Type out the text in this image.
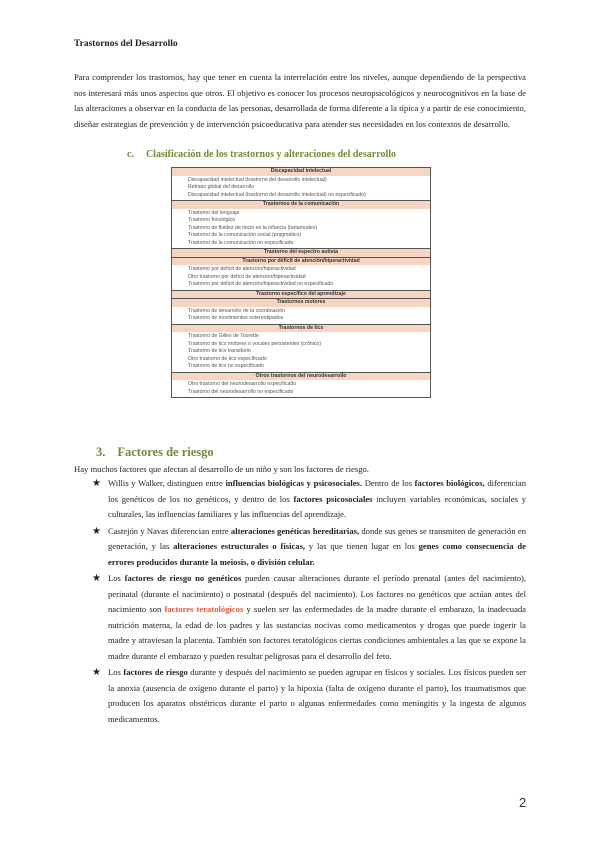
Trastornos del Desarrollo

Para comprender los trastornos, hay que tener en cuenta la interrelación entre los niveles, aunque dependiendo de la perspectiva nos interesará más unos aspectos que otros. El objetivo es conocer los procesos neuropsicológicos y neurocognitivos en la base de las alteraciones a observar en la conducta de las personas, desarrollada de forma diferente a la típica y a partir de ese conocimiento, diseñar estrategias de prevención y de intervención psicoeducativa para atender sus necesidades en los contextos de desarrollo.

c. Clasificación de los trastornos y alteraciones del desarrollo
Discapacidad intelectual
• Discapacidad intelectual (trastorno del desarrollo intelectual)
• Retraso global del desarrollo
• Discapacidad intelectual (trastorno del desarrollo intelectual) no especificado)
Trastornos de la comunicación
• Trastorno del lenguaje
• Trastorno fonológico
• Trastorno de fluidez de inicio en la infancia (tartamudeo)
• Trastorno de la comunicación social (pragmático)
• Trastorno de la comunicación no especificado
Trastorno del espectro autista
Trastorno por déficit de atención/hiperactividad
• Trastorno por déficit de atención/hiperactividad
• Otro trastorno por déficit de atención/hiperactividad
• Trastorno por déficit de atención/hiperactividad no especificado
Trastorno específico del aprendizaje
Trastornos motores
• Trastorno de desarrollo de la coordinación
• Trastorno de movimientos estereotipados
Trastornos de tics
• Trastorno de Gilles de Tourette
• Trastorno de tics motores o vocales persistentes (crónico)
• Trastorno de tics transitorio
• Otro trastorno de tics especificado
• Trastorno de tics no especificado
Otros trastornos del neurodesarrollo
• Otro trastorno del neurodesarrollo especificado
• Trastorno del neurodesarrollo no especificado
3. Factores de riesgo
Hay muchos factores que afectan al desarrollo de un niño y son los factores de riesgo.
★ Willis y Walker, distinguen entre influencias biológicas y psicosociales. Dentro de los factores biológicos, diferencian los genéticos de los no genéticos, y dentro de los factores psicosociales incluyen variables económicas, sociales y culturales, las influencias familiares y las influencias del aprendizaje.
★ Castejón y Navas diferencian entre alteraciones genéticas hereditarias, donde sus genes se transmiten de generación en generación, y las alteraciones estructurales o físicas, y las que tienen lugar en los genes como consecuencia de errores producidos durante la meiosis, o división celular.
★ Los factores de riesgo no genéticos pueden causar alteraciones durante el período prenatal (antes del nacimiento), perinatal (durante el nacimiento) o postnatal (después del nacimiento). Los factores no genéticos que actúan antes del nacimiento son factores teratológicos y suelen ser las enfermedades de la madre durante el embarazo, la inadecuada nutrición materna, la edad de los padres y las sustancias nocivas como medicamentos y drogas que puede ingerir la madre y atraviesan la placenta. También son factores teratológicos ciertas condiciones ambientales a las que se expone la madre durante el embarazo y pueden resultar peligrosas para el desarrollo del feto.
★ Los factores de riesgo durante y después del nacimiento se pueden agrupar en físicos y sociales. Los físicos pueden ser la anoxia (ausencia de oxígeno durante el parto) y la hipoxia (falta de oxígeno durante el parto), los traumatismos que producen los aparatos obstétricos durante el parto o algunas enfermedades como meningitis y la ingesta de algunos medicamentos.
2
